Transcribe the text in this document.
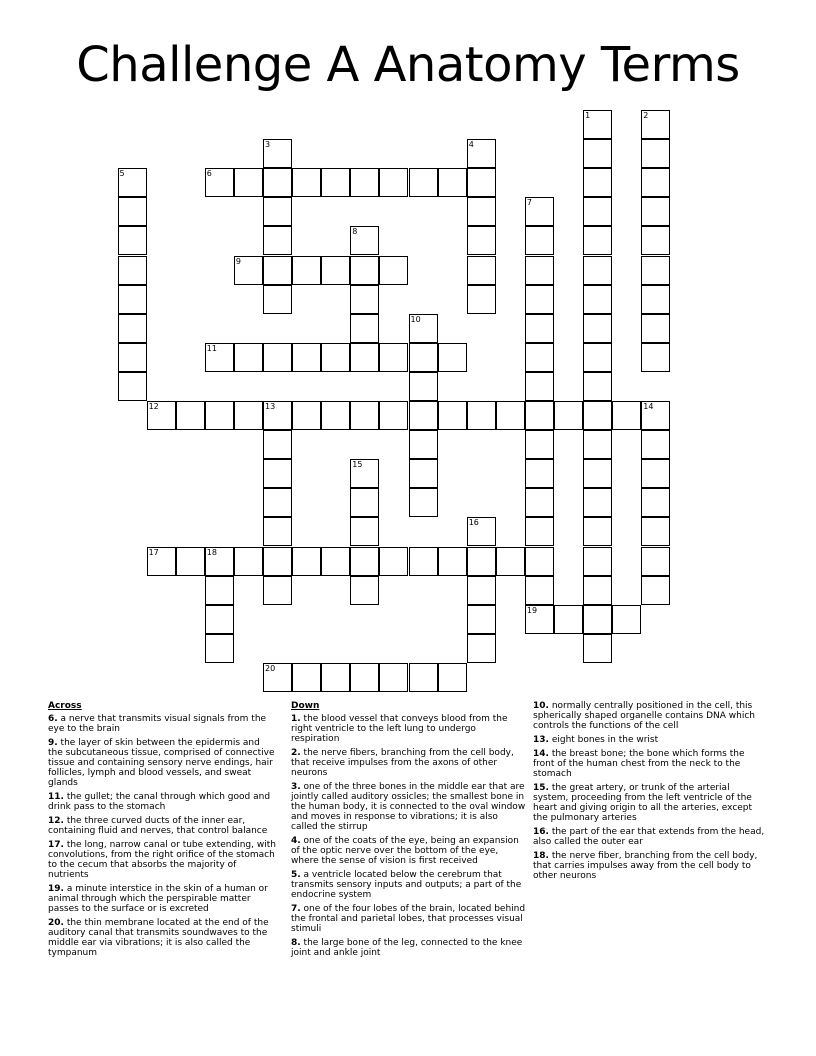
Challenge A Anatomy Terms
1	2
3	4
5	6
7
8
9
10
11
12	13	14
15
16
17	18
19
20
Across
6. a nerve that transmits visual signals from the eye to the brain
9. the layer of skin between the epidermis and the subcutaneous tissue, comprised of connective tissue and containing sensory nerve endings, hair follicles, lymph and blood vessels, and sweat glands
11. the gullet; the canal through which good and drink pass to the stomach
12. the three curved ducts of the inner ear, containing fluid and nerves, that control balance
17. the long, narrow canal or tube extending, with convolutions, from the right orifice of the stomach to the cecum that absorbs the majority of nutrients
19. a minute interstice in the skin of a human or animal through which the perspirable matter passes to the surface or is excreted
20. the thin membrane located at the end of the auditory canal that transmits soundwaves to the middle ear via vibrations; it is also called the tympanum
Down
1. the blood vessel that conveys blood from the right ventricle to the left lung to undergo respiration
2. the nerve fibers, branching from the cell body, that receive impulses from the axons of other neurons
3. one of the three bones in the middle ear that are jointly called auditory ossicles; the smallest bone in the human body, it is connected to the oval window and moves in response to vibrations; it is also called the stirrup
4. one of the coats of the eye, being an expansion of the optic nerve over the bottom of the eye, where the sense of vision is first received
5. a ventricle located below the cerebrum that transmits sensory inputs and outputs; a part of the endocrine system
7. one of the four lobes of the brain, located behind the frontal and parietal lobes, that processes visual stimuli
8. the large bone of the leg, connected to the knee joint and ankle joint
10. normally centrally positioned in the cell, this spherically shaped organelle contains DNA which controls the functions of the cell
13. eight bones in the wrist
14. the breast bone; the bone which forms the front of the human chest from the neck to the stomach
15. the great artery, or trunk of the arterial system, proceeding from the left ventricle of the heart and giving origin to all the arteries, except the pulmonary arteries
16. the part of the ear that extends from the head, also called the outer ear
18. the nerve fiber, branching from the cell body, that carries impulses away from the cell body to other neurons
